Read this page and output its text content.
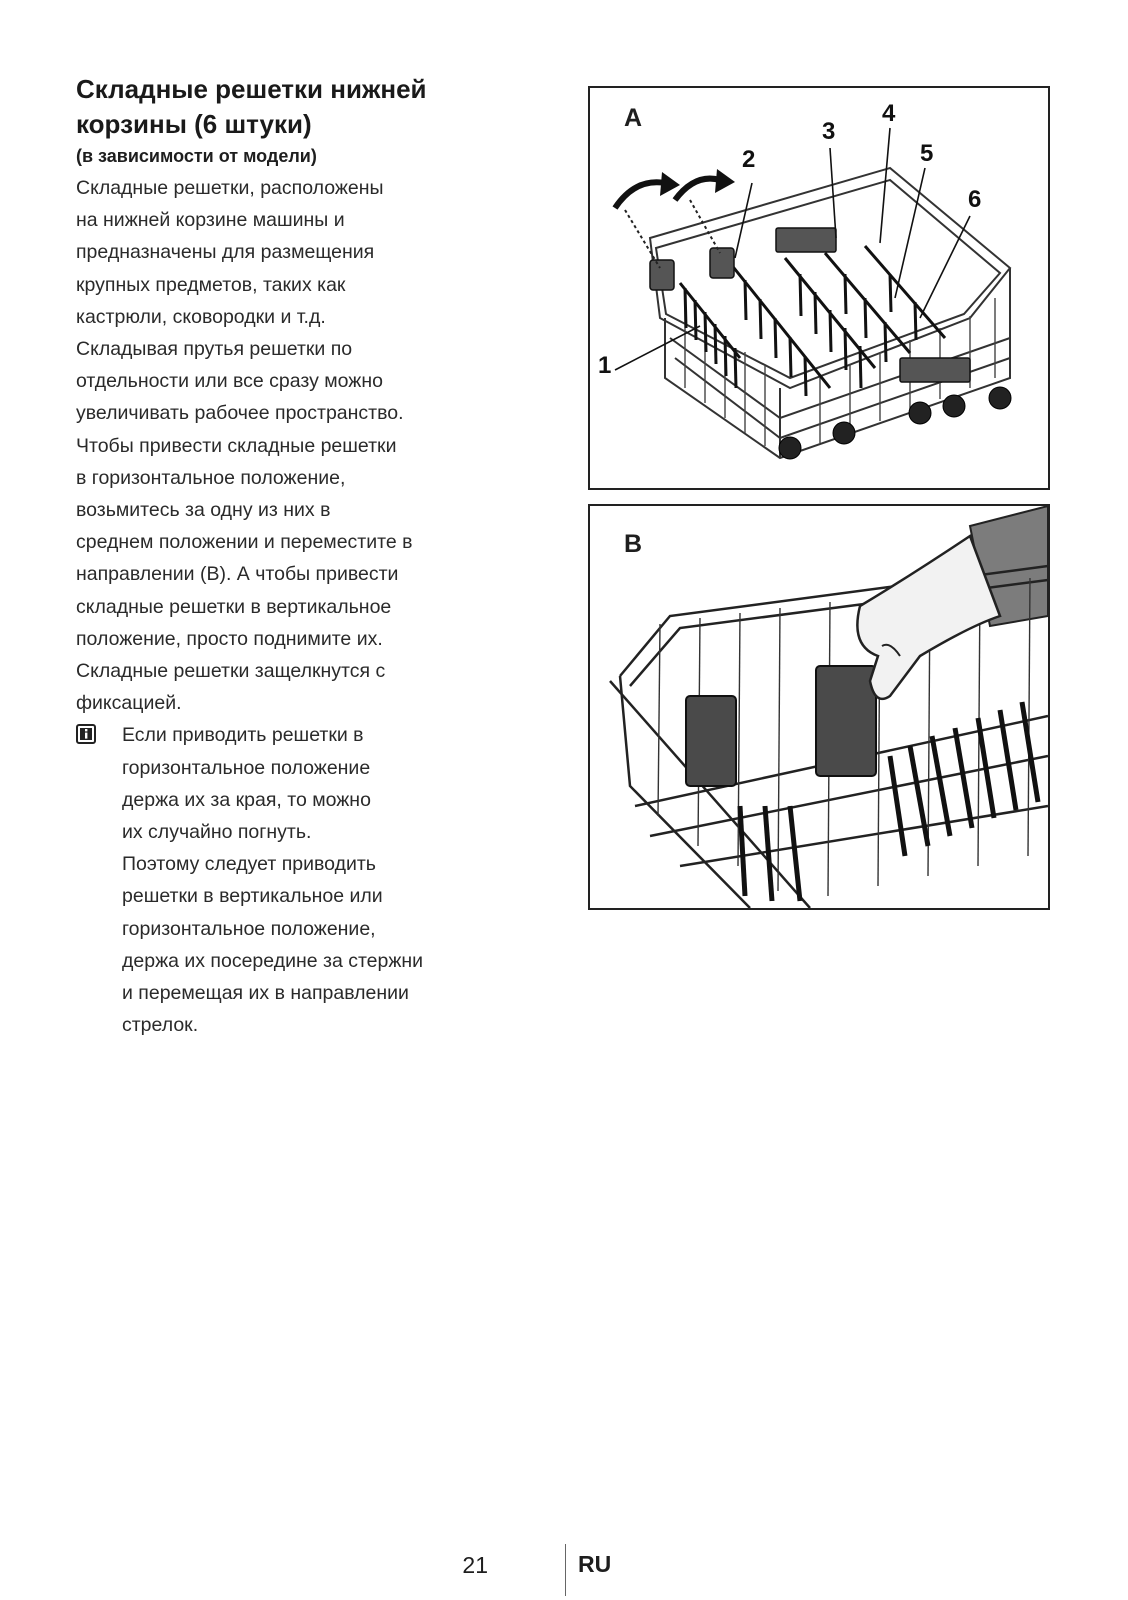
Складные решетки нижней
корзины (6 штуки)

(в зависимости от модели)

Складные решетки, расположены
на нижней корзине машины и
предназначены для размещения
крупных предметов, таких как
кастрюли, сковородки и т.д.
Складывая прутья решетки по
отдельности или все сразу можно
увеличивать рабочее пространство.
Чтобы привести складные решетки
в горизонтальное положение,
возьмитесь за одну из них в
среднем положении и переместите в
направлении (B). А чтобы привести
складные решетки в вертикальное
положение, просто поднимите их.
Складные решетки защелкнутся с
фиксацией.
Если приводить решетки в
горизонтальное положение
держа их за края, то можно
их случайно погнуть.
Поэтому следует приводить
решетки в вертикальное или
горизонтальное положение,
держа их посередине за стержни
и перемещая их в направлении
стрелок.
A
1
2
3
4
5
6
B
21	RU
